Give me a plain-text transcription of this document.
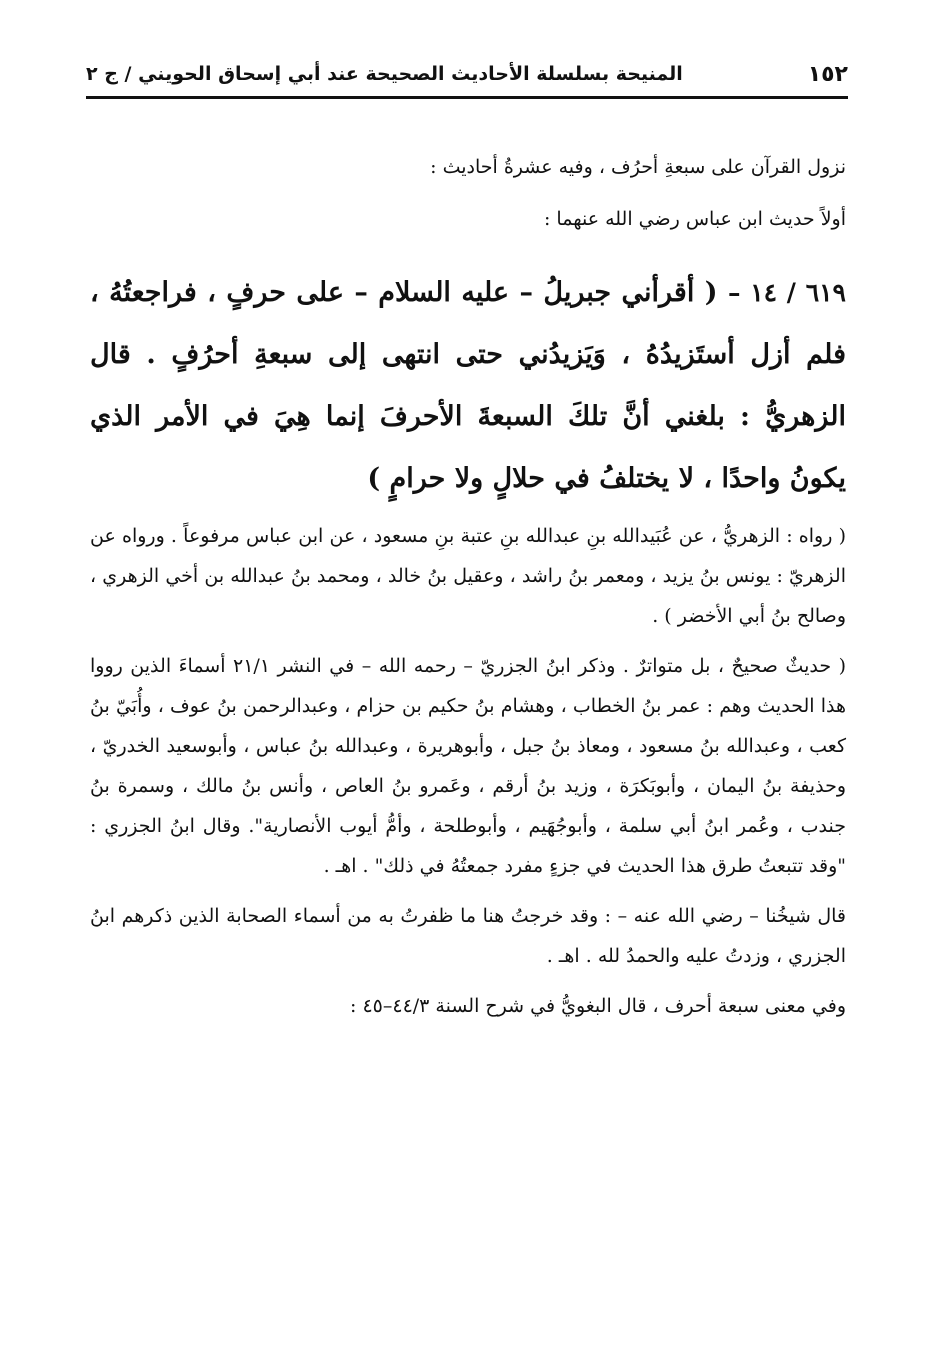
١٥٢
المنيحة بسلسلة الأحاديث الصحيحة عند أبي إسحاق الحويني / ج ٢
نزول القرآن على سبعةِ أحرُف ، وفيه عشرةُ أحاديث :
أولاً حديث ابن عباس رضي الله عنهما :
٦١٩ / ١٤ – ( أقرأني جبريلُ – عليه السلام – على حرفٍ ، فراجعتُهُ ، فلم أزل أستَزيدُهُ ، وَيَزيدُني حتى انتهى إلى سبعةِ أحرُفٍ . قال الزهريُّ : بلغني أنَّ تلكَ السبعةَ الأحرفَ إنما هِيَ في الأمر الذي يكونُ واحدًا ، لا يختلفُ في حلالٍ ولا حرامٍ )
( رواه : الزهريُّ ، عن عُبَيدالله بنِ عبدالله بنِ عتبة بنِ مسعود ، عن ابن عباس مرفوعاً . ورواه عن الزهريّ : يونس بنُ يزيد ، ومعمر بنُ راشد ، وعقيل بنُ خالد ، ومحمد بنُ عبدالله بن أخي الزهري ، وصالح بنُ أبي الأخضر ) .
( حديثٌ صحيحٌ ، بل متواترٌ . وذكر ابنُ الجزريّ – رحمه الله – في النشر ٢١/١ أسماءَ الذين رووا هذا الحديث وهم : عمر بنُ الخطاب ، وهشام بنُ حكيم بن حزام ، وعبدالرحمن بنُ عوف ، وأُبَيّ بنُ كعب ، وعبدالله بنُ مسعود ، ومعاذ بنُ جبل ، وأبوهريرة ، وعبدالله بنُ عباس ، وأبوسعيد الخدريّ ، وحذيفة بنُ اليمان ، وأبوبَكرَة ، وزيد بنُ أرقم ، وعَمرو بنُ العاص ، وأنس بنُ مالك ، وسمرة بنُ جندب ، وعُمر ابنُ أبي سلمة ، وأبوجُهَيم ، وأبوطلحة ، وأمُّ أيوب الأنصارية". وقال ابنُ الجزري : "وقد تتبعتُ طرق هذا الحديث في جزءٍ مفرد جمعتُهُ في ذلك" . اهـ .
قال شيخُنا – رضي الله عنه – : وقد خرجتُ هنا ما ظفرتُ به من أسماء الصحابة الذين ذكرهم ابنُ الجزري ، وزدتُ عليه والحمدُ لله . اهـ .
وفي معنى سبعة أحرف ، قال البغويُّ في شرح السنة ٤٤/٣–٤٥ :
